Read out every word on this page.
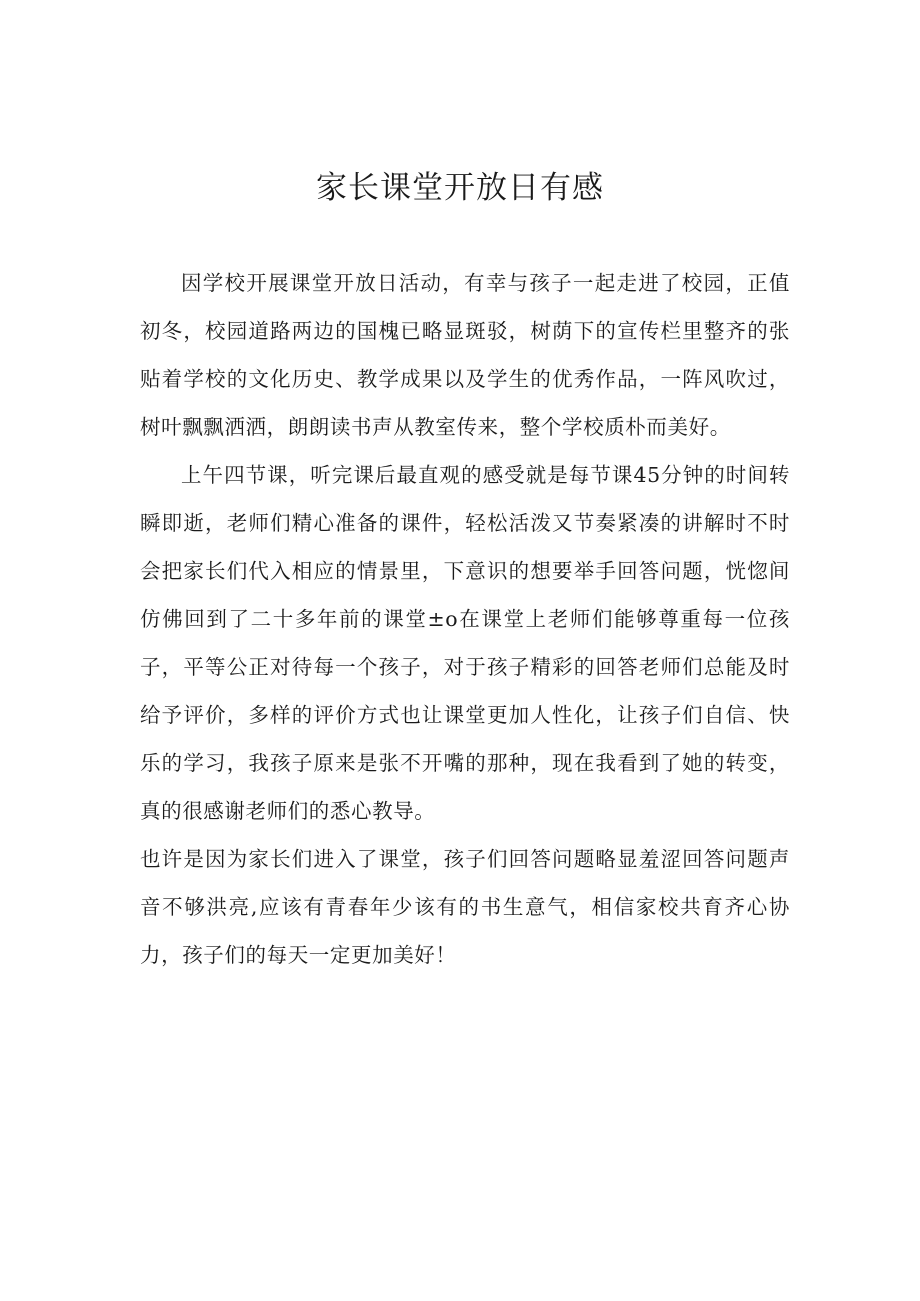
家长课堂开放日有感

因学校开展课堂开放日活动，有幸与孩子一起走进了校园，正值初冬，校园道路两边的国槐已略显斑驳，树荫下的宣传栏里整齐的张贴着学校的文化历史、教学成果以及学生的优秀作品，一阵风吹过，树叶飘飘洒洒，朗朗读书声从教室传来，整个学校质朴而美好。

上午四节课，听完课后最直观的感受就是每节课45分钟的时间转瞬即逝，老师们精心准备的课件，轻松活泼又节奏紧凑的讲解时不时会把家长们代入相应的情景里，下意识的想要举手回答问题，恍惚间仿佛回到了二十多年前的课堂±o在课堂上老师们能够尊重每一位孩子，平等公正对待每一个孩子，对于孩子精彩的回答老师们总能及时给予评价，多样的评价方式也让课堂更加人性化，让孩子们自信、快乐的学习，我孩子原来是张不开嘴的那种，现在我看到了她的转变，真的很感谢老师们的悉心教导。

也许是因为家长们进入了课堂，孩子们回答问题略显羞涩回答问题声音不够洪亮,应该有青春年少该有的书生意气，相信家校共育齐心协力，孩子们的每天一定更加美好！
